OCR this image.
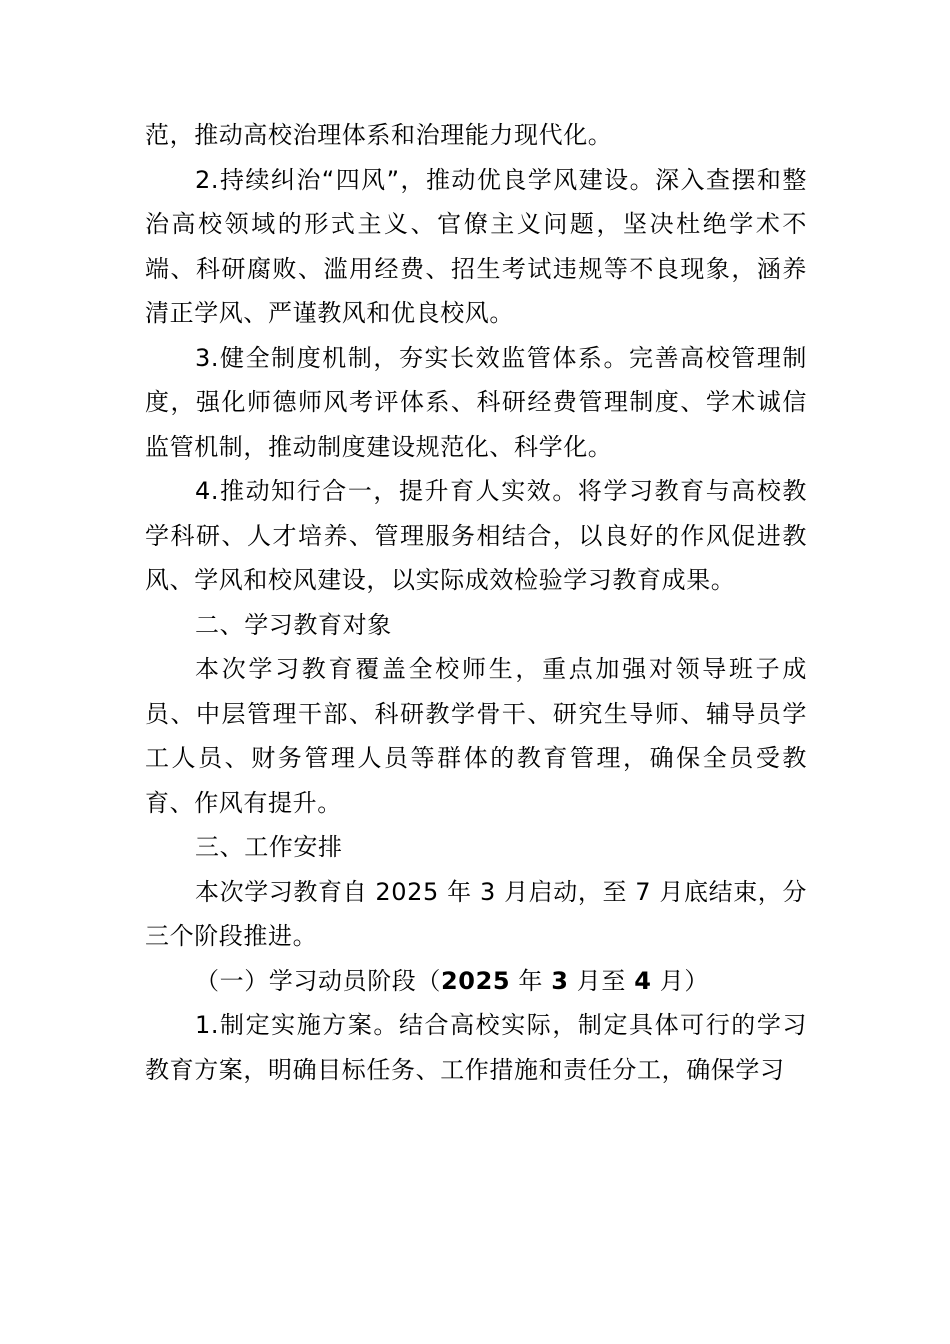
范，推动高校治理体系和治理能力现代化。

2.持续纠治“四风”，推动优良学风建设。深入查摆和整治高校领域的形式主义、官僚主义问题，坚决杜绝学术不端、科研腐败、滥用经费、招生考试违规等不良现象，涵养清正学风、严谨教风和优良校风。

3.健全制度机制，夯实长效监管体系。完善高校管理制度，强化师德师风考评体系、科研经费管理制度、学术诚信监管机制，推动制度建设规范化、科学化。

4.推动知行合一，提升育人实效。将学习教育与高校教学科研、人才培养、管理服务相结合，以良好的作风促进教风、学风和校风建设，以实际成效检验学习教育成果。

二、学习教育对象

本次学习教育覆盖全校师生，重点加强对领导班子成员、中层管理干部、科研教学骨干、研究生导师、辅导员学工人员、财务管理人员等群体的教育管理，确保全员受教育、作风有提升。

三、工作安排

本次学习教育自 2025 年 3 月启动，至 7 月底结束，分三个阶段推进。

（一）学习动员阶段（2025 年 3 月至 4 月）

1.制定实施方案。结合高校实际，制定具体可行的学习教育方案，明确目标任务、工作措施和责任分工，确保学习
